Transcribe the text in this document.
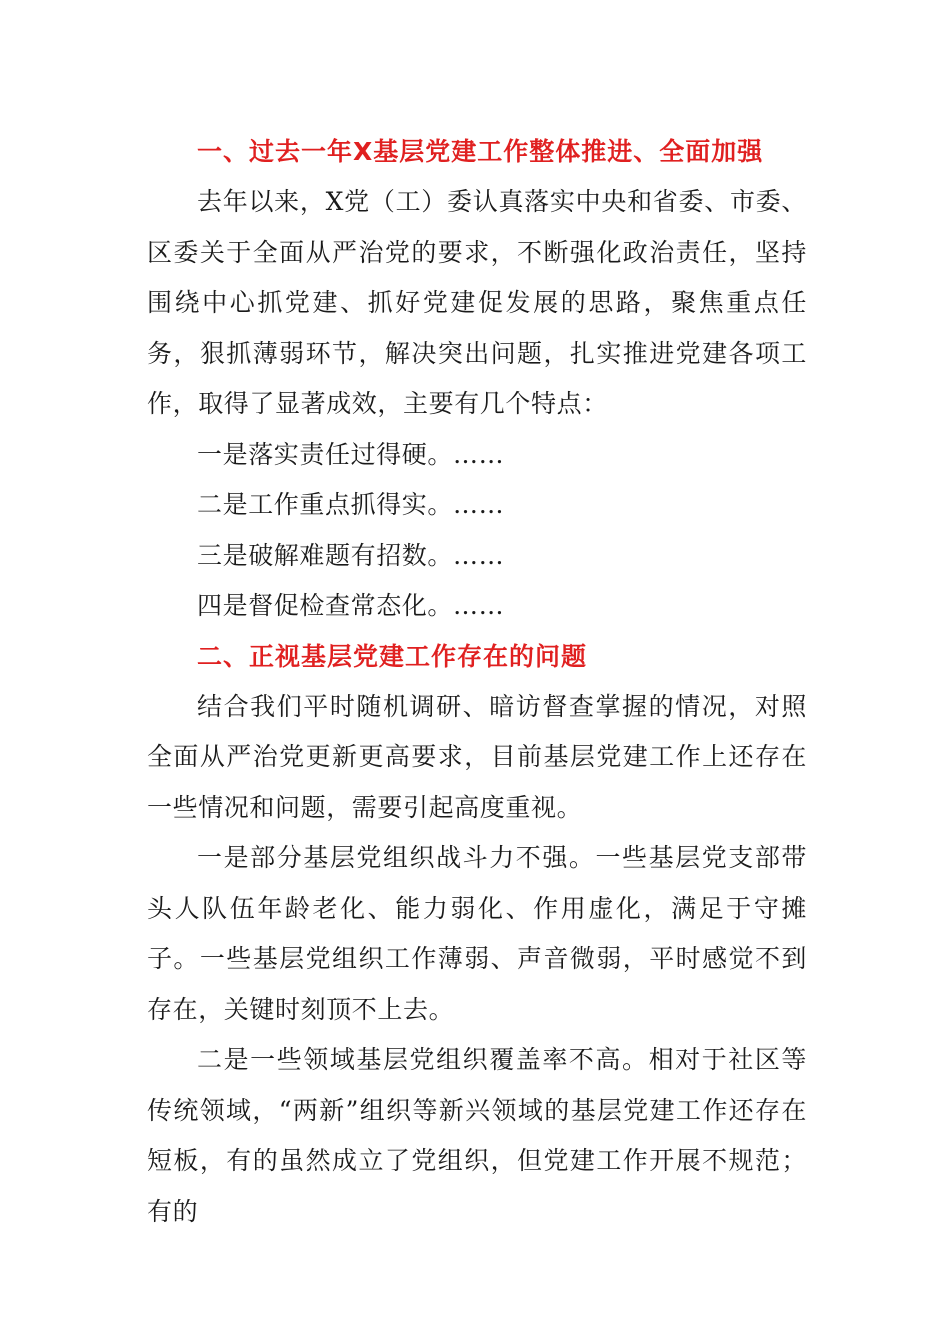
一、过去一年X基层党建工作整体推进、全面加强

去年以来，X党（工）委认真落实中央和省委、市委、区委关于全面从严治党的要求，不断强化政治责任，坚持围绕中心抓党建、抓好党建促发展的思路，聚焦重点任务，狠抓薄弱环节，解决突出问题，扎实推进党建各项工作，取得了显著成效，主要有几个特点：

一是落实责任过得硬。……

二是工作重点抓得实。……

三是破解难题有招数。……

四是督促检查常态化。……

二、正视基层党建工作存在的问题

结合我们平时随机调研、暗访督查掌握的情况，对照全面从严治党更新更高要求，目前基层党建工作上还存在一些情况和问题，需要引起高度重视。

一是部分基层党组织战斗力不强。一些基层党支部带头人队伍年龄老化、能力弱化、作用虚化，满足于守摊子。一些基层党组织工作薄弱、声音微弱，平时感觉不到存在，关键时刻顶不上去。

二是一些领域基层党组织覆盖率不高。相对于社区等传统领域，“两新”组织等新兴领域的基层党建工作还存在短板，有的虽然成立了党组织，但党建工作开展不规范；有的
